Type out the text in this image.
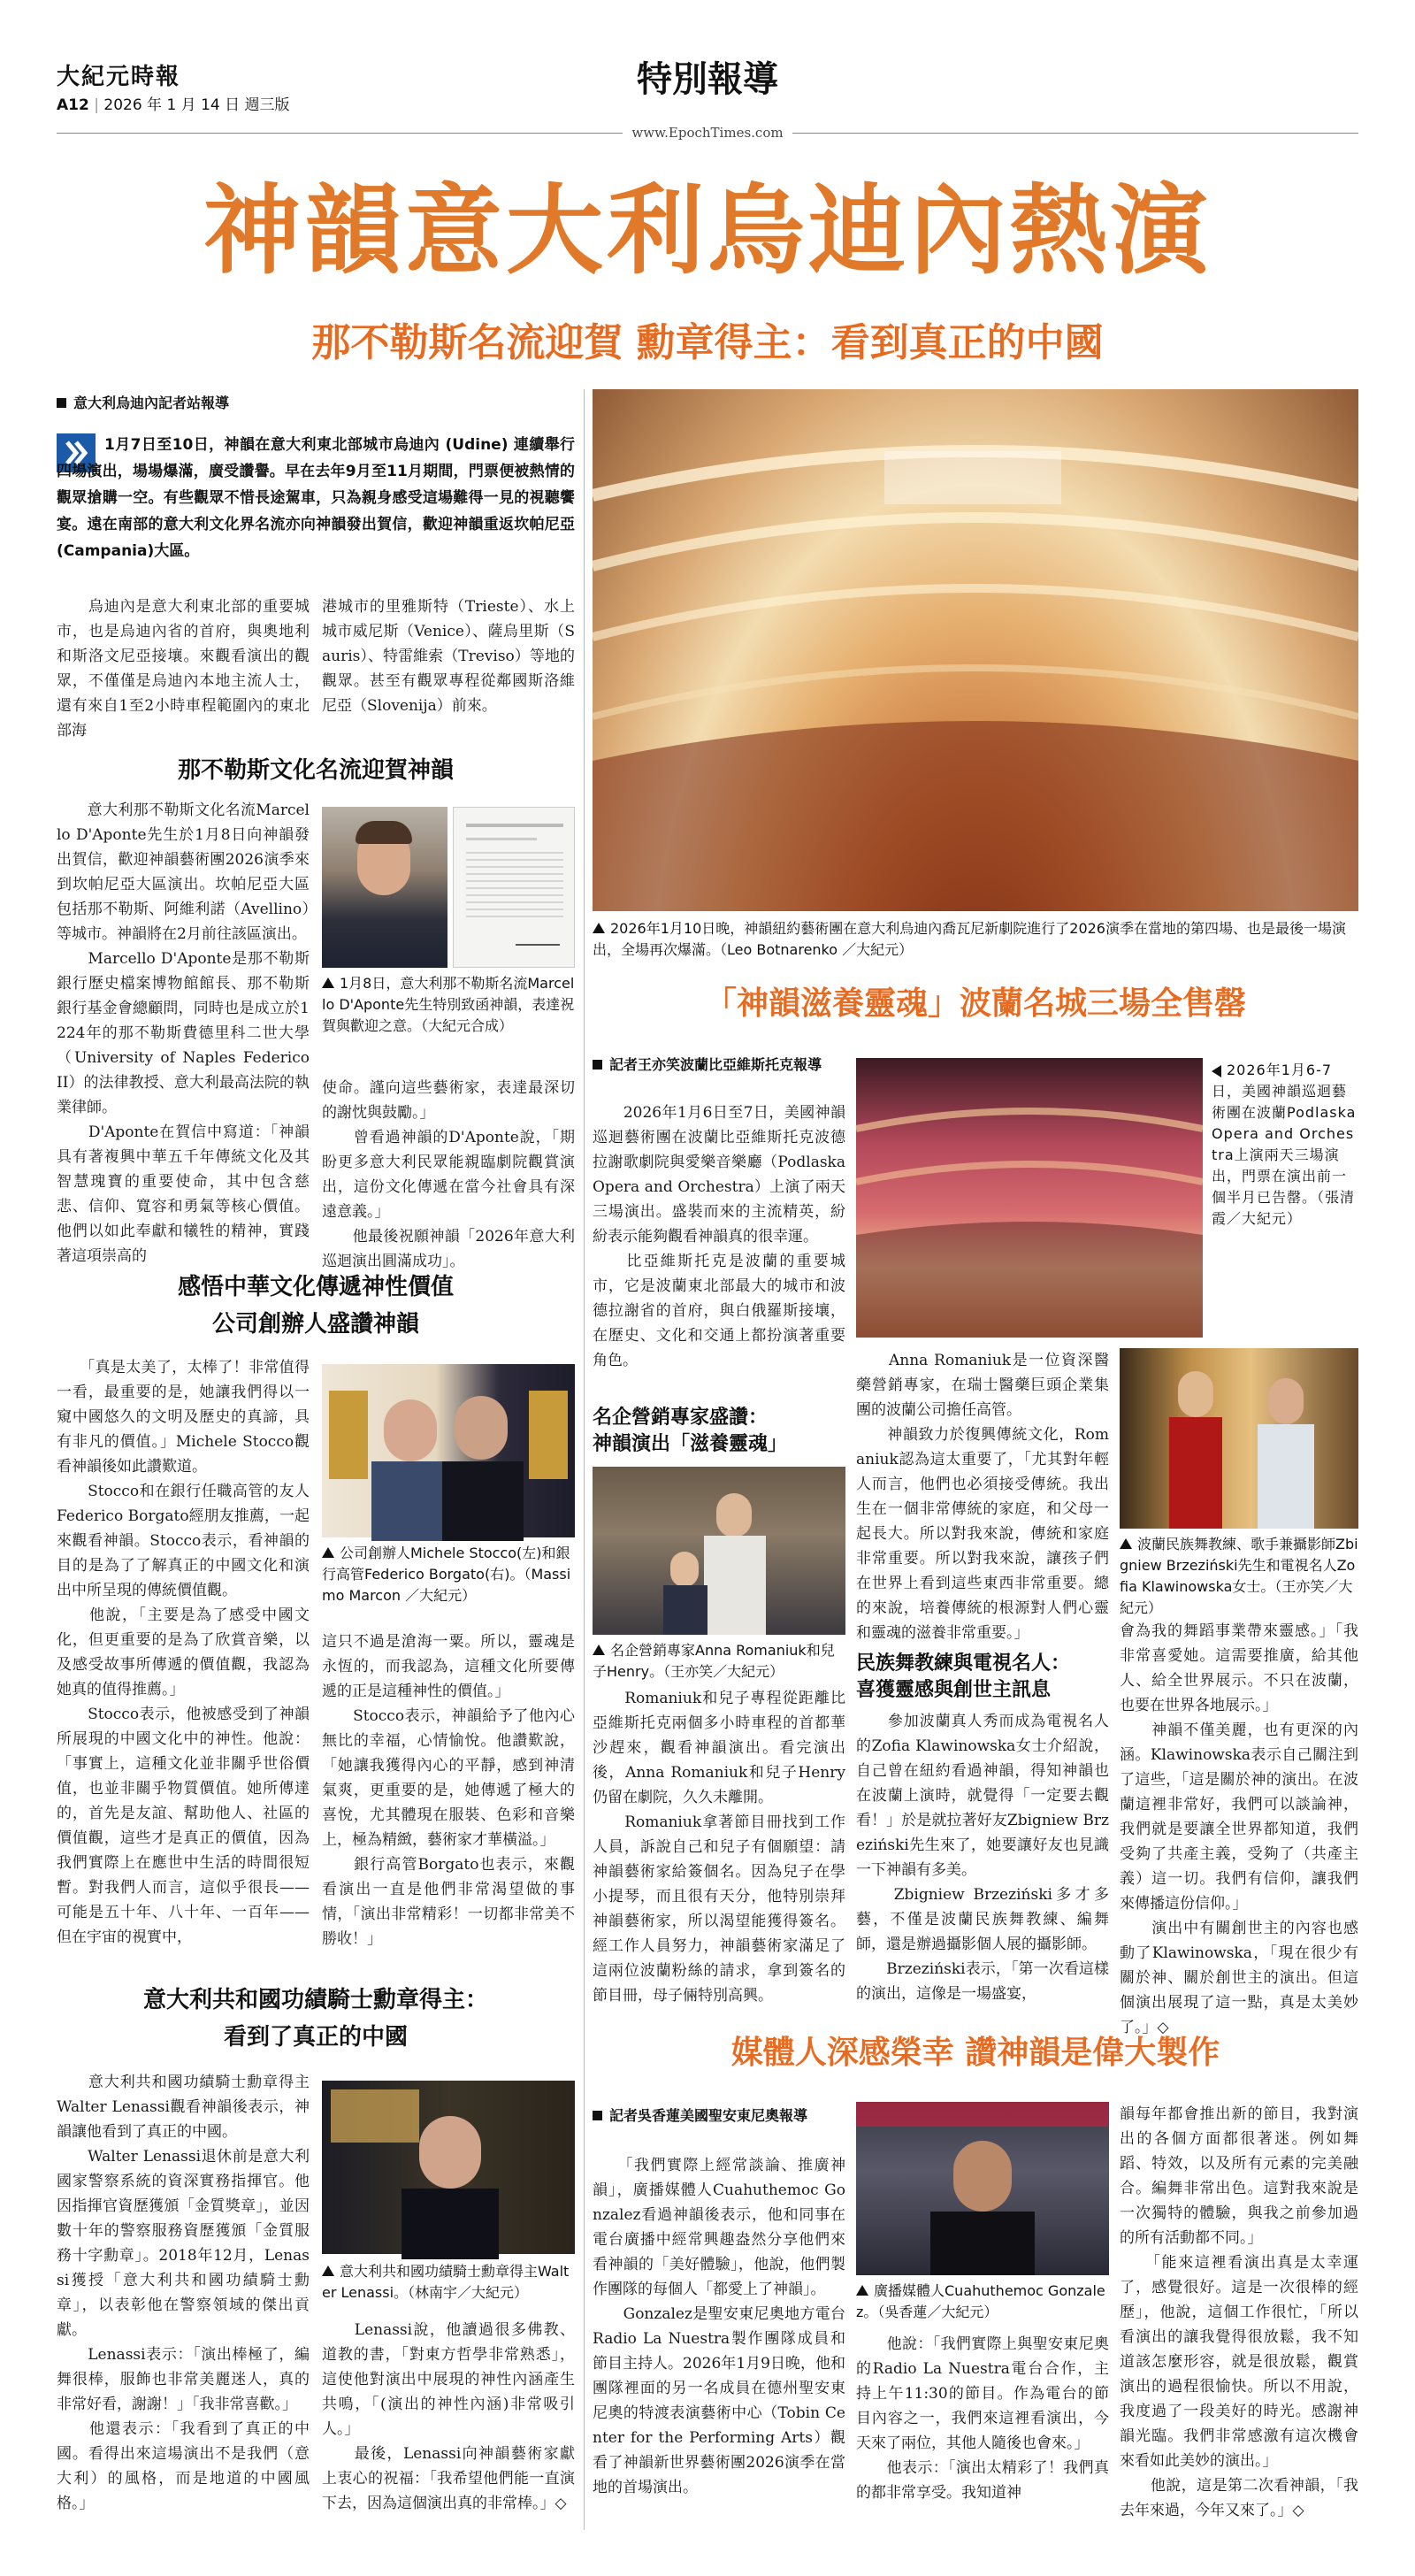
大紀元時報
A12 | 2026 年 1 月 14 日 週三版
特別報導
www.EpochTimes.com
神韻意大利烏迪內熱演
那不勒斯名流迎賀 勳章得主：看到真正的中國
意大利烏迪內記者站報導
1月7日至10日，神韻在意大利東北部城市烏迪內 (Udine) 連續舉行四場演出，場場爆滿，廣受讚譽。早在去年9月至11月期間，門票便被熱情的觀眾搶購一空。有些觀眾不惜長途駕車，只為親身感受這場難得一見的視聽饗宴。遠在南部的意大利文化界名流亦向神韻發出賀信，歡迎神韻重返坎帕尼亞(Campania)大區。
　　烏迪內是意大利東北部的重要城市，也是烏迪內省的首府，與奧地利和斯洛文尼亞接壤。來觀看演出的觀眾，不僅僅是烏迪內本地主流人士，還有來自1至2小時車程範圍內的東北部海
港城市的里雅斯特（Trieste）、水上城市威尼斯（Venice）、薩烏里斯（Sauris）、特雷維索（Treviso）等地的觀眾。甚至有觀眾專程從鄰國斯洛維尼亞（Slovenija）前來。
那不勒斯文化名流迎賀神韻
　　意大利那不勒斯文化名流Marcello D'Aponte先生於1月8日向神韻發出賀信，歡迎神韻藝術團2026演季來到坎帕尼亞大區演出。坎帕尼亞大區包括那不勒斯、阿維利諾（Avellino）等城市。神韻將在2月前往該區演出。
　　Marcello D'Aponte是那不勒斯銀行歷史檔案博物館館長、那不勒斯銀行基金會總顧問，同時也是成立於1224年的那不勒斯費德里科二世大學（University of Naples Federico II）的法律教授、意大利最高法院的執業律師。
　　D'Aponte在賀信中寫道：「神韻具有著複興中華五千年傳統文化及其智慧瑰寶的重要使命，其中包含慈悲、信仰、寬容和勇氣等核心價值。他們以如此奉獻和犧牲的精神，實踐著這項崇高的
1月8日，意大利那不勒斯名流Marcello D'Aponte先生特別致函神韻，表達祝賀與歡迎之意。（大紀元合成）
使命。謹向這些藝術家，表達最深切的謝忱與鼓勵。」
　　曾看過神韻的D'Aponte說，「期盼更多意大利民眾能親臨劇院觀賞演出，這份文化傳遞在當今社會具有深遠意義。」
　　他最後祝願神韻「2026年意大利巡迴演出圓滿成功」。
感悟中華文化傳遞神性價值
公司創辦人盛讚神韻
　　「真是太美了，太棒了！非常值得一看，最重要的是，她讓我們得以一窺中國悠久的文明及歷史的真諦，具有非凡的價值。」Michele Stocco觀看神韻後如此讚歎道。
　　Stocco和在銀行任職高管的友人Federico Borgato經朋友推薦，一起來觀看神韻。Stocco表示，看神韻的目的是為了了解真正的中國文化和演出中所呈現的傳統價值觀。
　　他說，「主要是為了感受中國文化，但更重要的是為了欣賞音樂，以及感受故事所傳遞的價值觀，我認為她真的值得推薦。」
　　Stocco表示，他被感受到了神韻所展現的中國文化中的神性。他說：「事實上，這種文化並非關乎世俗價值，也並非關乎物質價值。她所傳達的，首先是友誼、幫助他人、社區的價值觀，這些才是真正的價值，因為我們實際上在應世中生活的時間很短暫。對我們人而言，這似乎很長——可能是五十年、八十年、一百年——但在宇宙的視實中，
公司創辦人Michele Stocco(左)和銀行高管Federico Borgato(右)。（Massimo Marcon ／大紀元）
這只不過是滄海一粟。所以，靈魂是永恆的，而我認為，這種文化所要傳遞的正是這種神性的價值。」
　　Stocco表示，神韻給予了他內心無比的幸福，心情愉悅。他讚歎說，「她讓我獲得內心的平靜，感到神清氣爽，更重要的是，她傳遞了極大的喜悅，尤其體現在服裝、色彩和音樂上，極為精緻，藝術家才華橫溢。」
　　銀行高管Borgato也表示，來觀看演出一直是他們非常渴望做的事情，「演出非常精彩！一切都非常美不勝收！」
意大利共和國功績騎士勳章得主：
看到了真正的中國
　　意大利共和國功績騎士勳章得主Walter Lenassi觀看神韻後表示，神韻讓他看到了真正的中國。
　　Walter Lenassi退休前是意大利國家警察系統的資深實務指揮官。他因指揮官資歷獲頒「金質獎章」，並因數十年的警察服務資歷獲頒「金質服務十字勳章」。2018年12月，Lenassi獲授「意大利共和國功績騎士勳章」，以表彰他在警察領域的傑出貢獻。
　　Lenassi表示：「演出棒極了，編舞很棒，服飾也非常美麗迷人，真的非常好看，謝謝！」「我非常喜歡。」
　　他還表示：「我看到了真正的中國。看得出來這場演出不是我們（意大利）的風格，而是地道的中國風格。」
意大利共和國功績騎士勳章得主Walter Lenassi。（林南宇／大紀元）
　　Lenassi說，他讀過很多佛教、道教的書，「對東方哲學非常熟悉」，這使他對演出中展現的神性內涵產生共鳴，「(演出的神性內涵)非常吸引人。」
　　最後，Lenassi向神韻藝術家獻上衷心的祝福：「我希望他們能一直演下去，因為這個演出真的非常棒。」◇
2026年1月10日晚，神韻紐約藝術團在意大利烏迪內喬瓦尼新劇院進行了2026演季在當地的第四場、也是最後一場演出，全場再次爆滿。（Leo Botnarenko ／大紀元）
「神韻滋養靈魂」波蘭名城三場全售罄
記者王亦笑波蘭比亞維斯托克報導
　　2026年1月6日至7日，美國神韻巡迴藝術團在波蘭比亞維斯托克波德拉謝歌劇院與愛樂音樂廳（Podlaska Opera and Orchestra）上演了兩天三場演出。盛裝而來的主流精英，紛紛表示能夠觀看神韻真的很幸運。
　　比亞維斯托克是波蘭的重要城市，它是波蘭東北部最大的城市和波德拉謝省的首府，與白俄羅斯接壤，在歷史、文化和交通上都扮演著重要角色。
2026年1月6-7日，美國神韻巡迴藝術團在波蘭Podlaska Opera and Orchestra上演兩天三場演出，門票在演出前一個半月已告罄。（張清霞／大紀元）
名企營銷專家盛讚：
神韻演出「滋養靈魂」
名企營銷專家Anna Romaniuk和兒子Henry。（王亦笑／大紀元）
　　Romaniuk和兒子專程從距離比亞維斯托克兩個多小時車程的首都華沙趕來，觀看神韻演出。看完演出後，Anna Romaniuk和兒子Henry仍留在劇院，久久未離開。
　　Romaniuk拿著節目冊找到工作人員，訴說自己和兒子有個願望：請神韻藝術家給簽個名。因為兒子在學小提琴，而且很有天分，他特別崇拜神韻藝術家，所以渴望能獲得簽名。經工作人員努力，神韻藝術家滿足了這兩位波蘭粉絲的請求，拿到簽名的節目冊，母子倆特別高興。
　　Anna Romaniuk是一位資深醫藥營銷專家，在瑞士醫藥巨頭企業集團的波蘭公司擔任高管。
　　神韻致力於復興傳統文化，Romaniuk認為這太重要了，「尤其對年輕人而言，他們也必須接受傳統。我出生在一個非常傳統的家庭，和父母一起長大。所以對我來說，傳統和家庭非常重要。所以對我來說，讓孩子們在世界上看到這些東西非常重要。總的來說，培養傳統的根源對人們心靈和靈魂的滋養非常重要。」
民族舞教練與電視名人：
喜獲靈感與創世主訊息
　　參加波蘭真人秀而成為電視名人的Zofia Klawinowska女士介紹說，自己曾在紐約看過神韻，得知神韻也在波蘭上演時，就覺得「一定要去觀看！」於是就拉著好友Zbigniew Brzeziński先生來了，她要讓好友也見識一下神韻有多美。
　　Zbigniew Brzeziński多才多藝，不僅是波蘭民族舞教練、編舞師，還是辦過攝影個人展的攝影師。
　　Brzeziński表示，「第一次看這樣的演出，這像是一場盛宴，
波蘭民族舞教練、歌手兼攝影師Zbigniew Brzeziński先生和電視名人Zofia Klawinowska女士。（王亦笑／大紀元）
會為我的舞蹈事業帶來靈感。」「我非常喜愛她。這需要推廣，給其他人、給全世界展示。不只在波蘭，也要在世界各地展示。」
　　神韻不僅美麗，也有更深的內涵。Klawinowska表示自己關注到了這些，「這是關於神的演出。在波蘭這裡非常好，我們可以談論神，我們就是要讓全世界都知道，我們受夠了共產主義，受夠了（共產主義）這一切。我們有信仰，讓我們來傳播這份信仰。」
　　演出中有關創世主的內容也感動了Klawinowska，「現在很少有關於神、關於創世主的演出。但這個演出展現了這一點，真是太美妙了。」◇
媒體人深感榮幸 讚神韻是偉大製作
記者吳香蓮美國聖安東尼奧報導
　　「我們實際上經常談論、推廣神韻」，廣播媒體人Cuahuthemoc Gonzalez看過神韻後表示，他和同事在電台廣播中經常興趣盎然分享他們來看神韻的「美好體驗」，他說，他們製作團隊的每個人「都愛上了神韻」。
　　Gonzalez是聖安東尼奧地方電台Radio La Nuestra製作團隊成員和節目主持人。2026年1月9日晚，他和團隊裡面的另一名成員在德州聖安東尼奧的特渡表演藝術中心（Tobin Center for the Performing Arts）觀看了神韻新世界藝術團2026演季在當地的首場演出。
廣播媒體人Cuahuthemoc Gonzalez。（吳香蓮／大紀元）
　　他說：「我們實際上與聖安東尼奧的Radio La Nuestra電台合作，主持上午11:30的節目。作為電台的節目內容之一，我們來這裡看演出，今天來了兩位，其他人隨後也會來。」
　　他表示：「演出太精彩了！我們真的都非常享受。我知道神
韻每年都會推出新的節目，我對演出的各個方面都很著迷。例如舞蹈、特效，以及所有元素的完美融合。編舞非常出色。這對我來說是一次獨特的體驗，與我之前參加過的所有活動都不同。」
　　「能來這裡看演出真是太幸運了，感覺很好。這是一次很棒的經歷」，他說，這個工作很忙，「所以看演出的讓我覺得很放鬆，我不知道該怎麼形容，就是很放鬆，觀賞演出的過程很愉快。所以不用說，我度過了一段美好的時光。感謝神韻光臨。我們非常感激有這次機會來看如此美妙的演出。」
　　他說，這是第二次看神韻，「我去年來過，今年又來了。」◇
